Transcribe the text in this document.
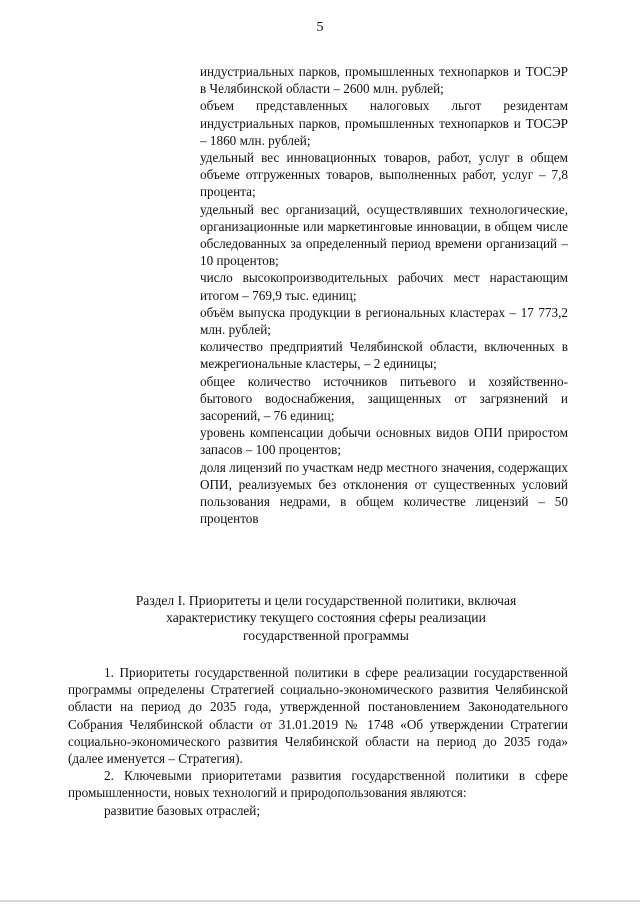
5
индустриальных парков, промышленных технопарков и ТОСЭР в Челябинской области – 2600 млн. рублей;
объем представленных налоговых льгот резидентам индустриальных парков, промышленных технопарков и ТОСЭР – 1860 млн. рублей;
удельный вес инновационных товаров, работ, услуг в общем объеме отгруженных товаров, выполненных работ, услуг – 7,8 процента;
удельный вес организаций, осуществлявших технологические, организационные или маркетинговые инновации, в общем числе обследованных за определенный период времени организаций – 10 процентов;
число высокопроизводительных рабочих мест нарастающим итогом – 769,9 тыс. единиц;
объём выпуска продукции в региональных кластерах – 17 773,2 млн. рублей;
количество предприятий Челябинской области, включенных в межрегиональные кластеры, – 2 единицы;
общее количество источников питьевого и хозяйственно-бытового водоснабжения, защищенных от загрязнений и засорений, – 76 единиц;
уровень компенсации добычи основных видов ОПИ приростом запасов – 100 процентов;
доля лицензий по участкам недр местного значения, содержащих ОПИ, реализуемых без отклонения от существенных условий пользования недрами, в общем количестве лицензий – 50 процентов
Раздел I. Приоритеты и цели государственной политики, включая
характеристику текущего состояния сферы реализации
государственной программы

1. Приоритеты государственной политики в сфере реализации государственной программы определены Стратегией социально-экономического развития Челябинской области на период до 2035 года, утвержденной постановлением Законодательного Собрания Челябинской области от 31.01.2019 № 1748 «Об утверждении Стратегии социально-экономического развития Челябинской области на период до 2035 года» (далее именуется – Стратегия).

2. Ключевыми приоритетами развития государственной политики в сфере промышленности, новых технологий и природопользования являются:

развитие базовых отраслей;
